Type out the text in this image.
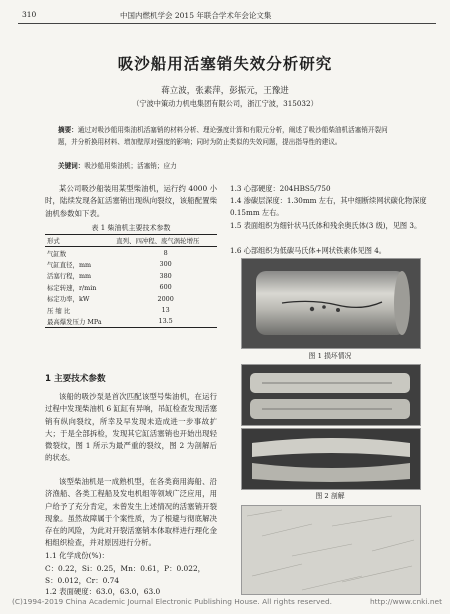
310	中国内燃机学会 2015 年联合学术年会论文集
吸沙船用活塞销失效分析研究
蒋立波，张素萍，彭振元，王豫进
（宁波中策动力机电集团有限公司，浙江宁波，315032）
摘要：通过对吸沙船用柴油机活塞销的材料分析、理论强度计算和有限元分析，阐述了吸沙船柴油机活塞销开裂问题，并分析换用材料、增加壁厚对强度的影响；同时为防止类似的失效问题，提出指导性的建议。
关键词：吸沙船用柴油机；活塞销；应力
某公司吸沙船装用某型柴油机，运行约 4000 小时，陆续发现各缸活塞销出现纵向裂纹，该船配置柴油机参数如下表。
表 1 柴油机主要技术参数
形式	直列、四冲程、废气涡轮增压
气缸数	8
气缸直径，mm	300
活塞行程，mm	380
标定转速，r/min	600
标定功率，kW	2000
压 缩 比	13
最高爆发压力 MPa	13.5
1 主要技术参数
该船的吸沙泵是首次匹配该型号柴油机，在运行过程中发现柴油机 6 缸缸有异响，吊缸检查发现活塞销有纵向裂纹，所幸及早发现未造成进一步事故扩大；于是全部拆检，发现其它缸活塞销也开始出现轻微裂纹，图 1 所示为最严重的裂纹，图 2 为剖解后的状态。
该型柴油机是一成熟机型，在各类商用海船、沿济渔船、各类工程船及发电机组等领域广泛应用，用户给予了充分肯定，未曾发生上述情况的活塞销开裂现象。虽然故障属于个案性质，为了根避与彻底解决存在的风险，为此对开裂活塞销本体取样进行理化金相组织检查，并对原因进行分析。
1.1 化学成份(%)：
C：0.22，Si：0.25，Mn：0.61，P：0.022，
S：0.012，Cr：0.74
1.2 表面硬度：63.0，63.0，63.0
1.3 心部硬度：204HBS5/750
1.4 渗碳层深度：1.30mm 左右，其中细断续网状碳化物深度 0.15mm 左右。
1.5 表面组织为细针状马氏体和残余奥氏体(3 级)，见图 3。
1.6 心部组织为低碳马氏体+网状铁素体见图 4。
图 1 损坏情况
图 2 剖解
(C)1994-2019 China Academic Journal Electronic Publishing House. All rights reserved.	http://www.cnki.net
